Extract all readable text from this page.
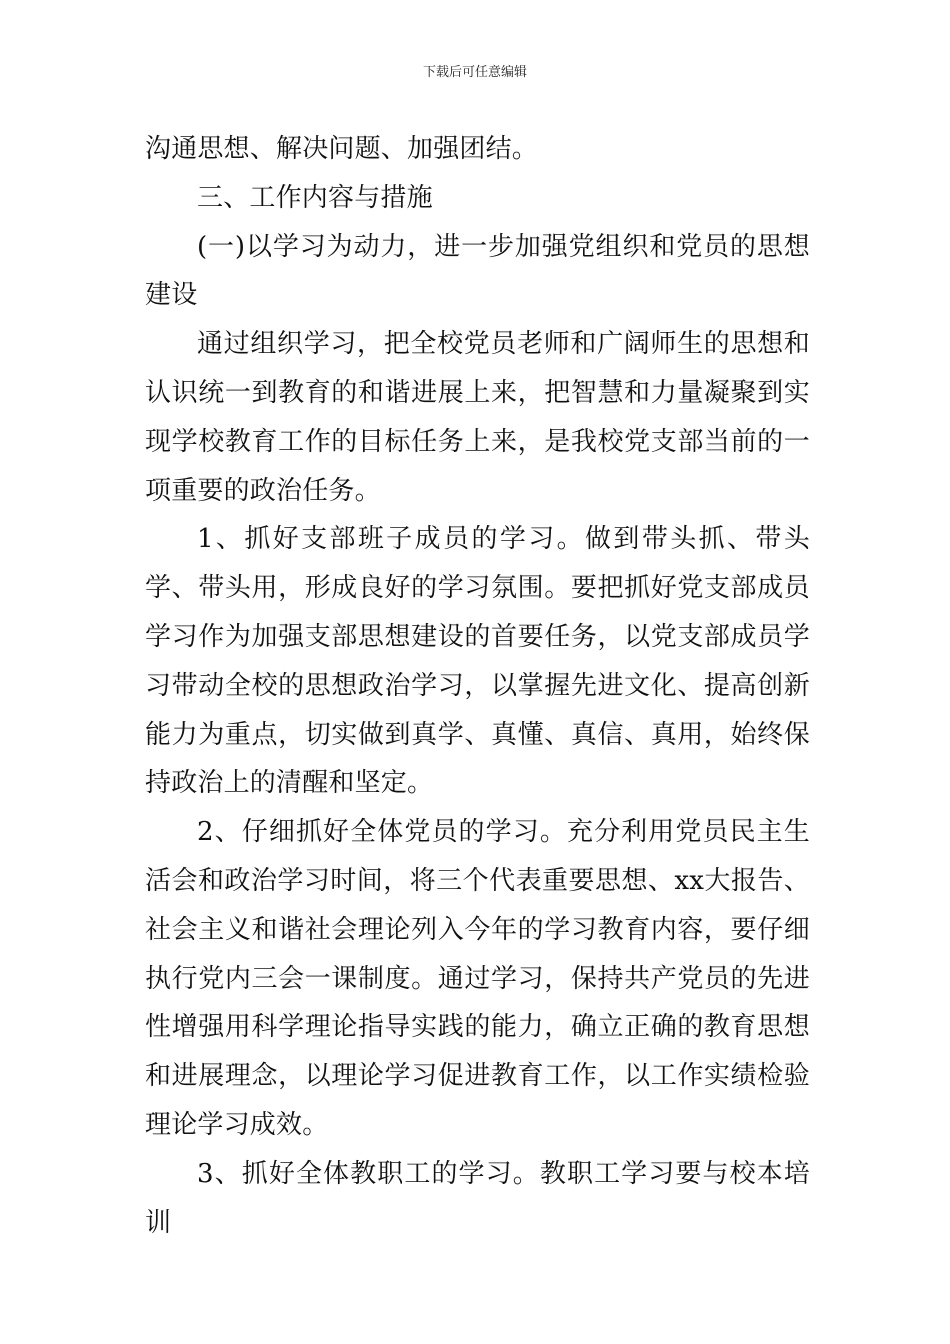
下载后可任意编辑

沟通思想、解决问题、加强团结。

三、工作内容与措施

(一)以学习为动力，进一步加强党组织和党员的思想建设

通过组织学习，把全校党员老师和广阔师生的思想和认识统一到教育的和谐进展上来，把智慧和力量凝聚到实现学校教育工作的目标任务上来，是我校党支部当前的一项重要的政治任务。

1、抓好支部班子成员的学习。做到带头抓、带头学、带头用，形成良好的学习氛围。要把抓好党支部成员学习作为加强支部思想建设的首要任务，以党支部成员学习带动全校的思想政治学习，以掌握先进文化、提高创新能力为重点，切实做到真学、真懂、真信、真用，始终保持政治上的清醒和坚定。

2、仔细抓好全体党员的学习。充分利用党员民主生活会和政治学习时间，将三个代表重要思想、xx大报告、社会主义和谐社会理论列入今年的学习教育内容，要仔细执行党内三会一课制度。通过学习，保持共产党员的先进性增强用科学理论指导实践的能力，确立正确的教育思想和进展理念，以理论学习促进教育工作，以工作实绩检验理论学习成效。

3、抓好全体教职工的学习。教职工学习要与校本培训
